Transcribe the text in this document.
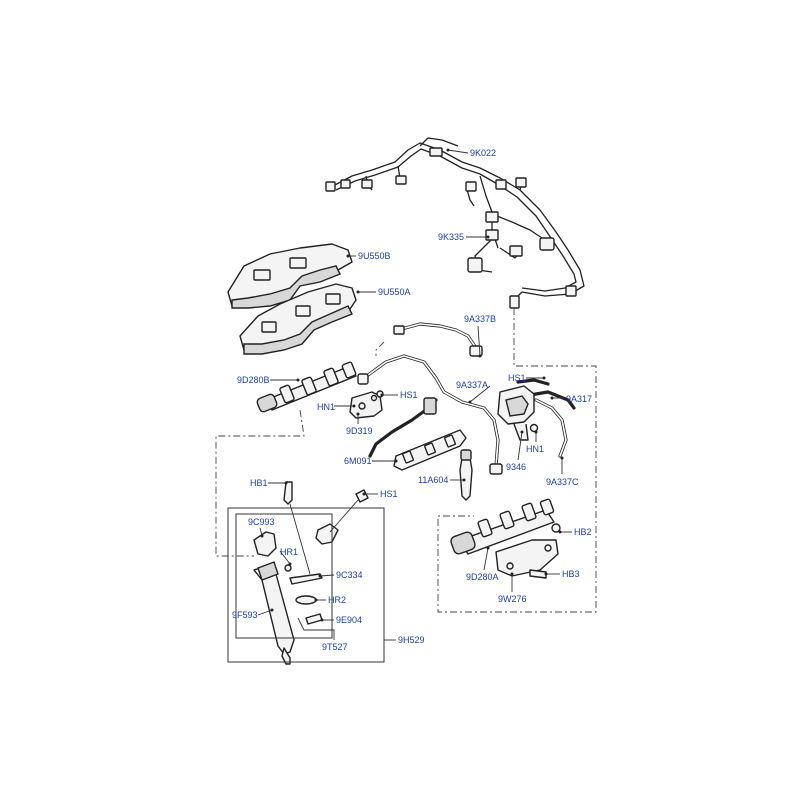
9K022
9K335
9U550B
9U550A
9A337B
9D280B	HS1
9A337A
HS1	9A317
HN1
9D319
HN1
6M091
9346
11A604	9A337C
HB1
HS1
9C993
HB2
HR1
9C334	9D280A	HB3
9W276
HR2
9F593	9E904
9H529
9T527
